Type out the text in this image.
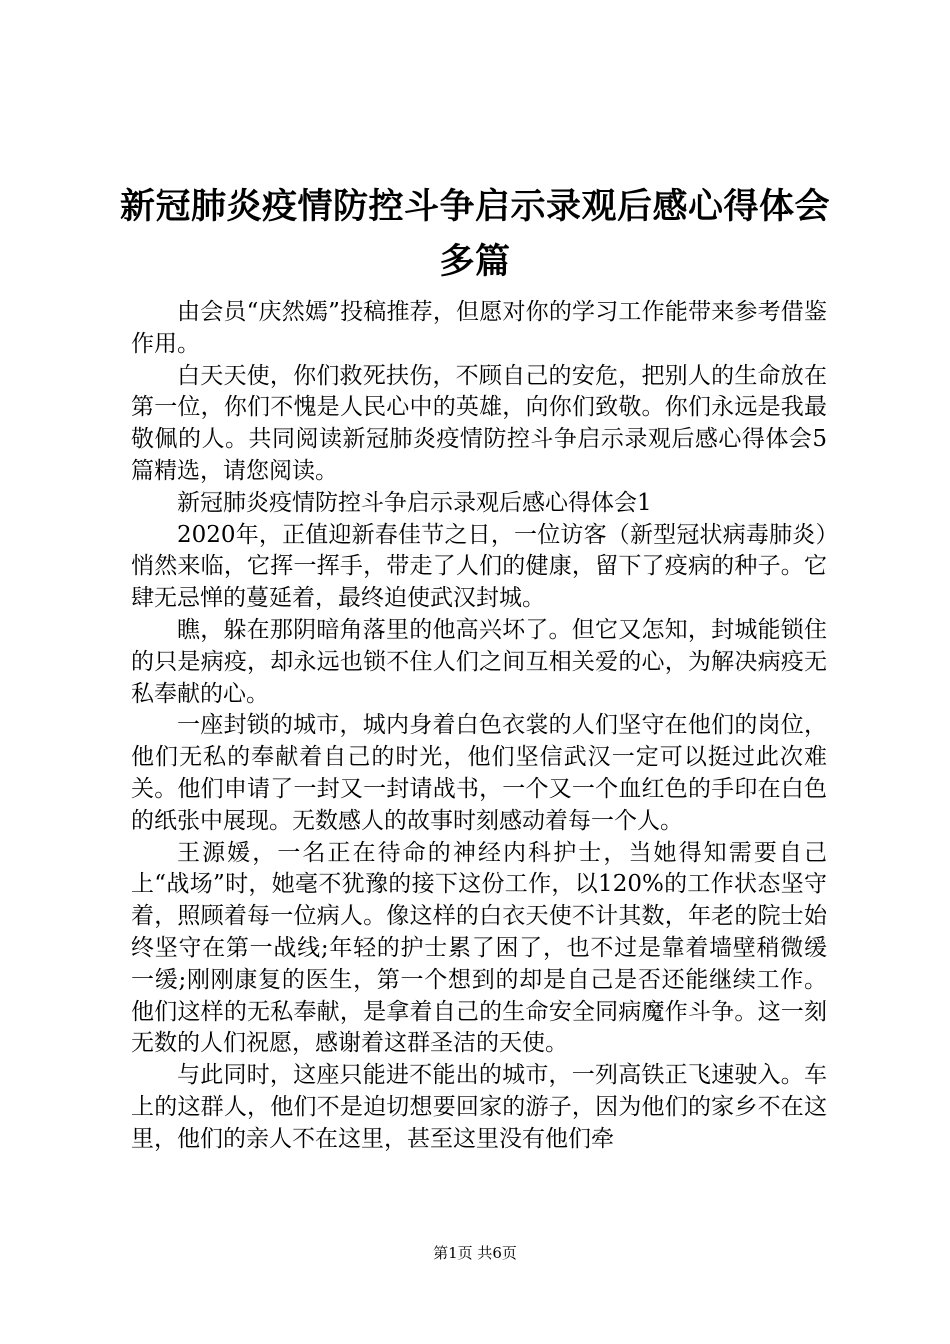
新冠肺炎疫情防控斗争启示录观后感心得体会多篇

由会员“庆然嫣”投稿推荐，但愿对你的学习工作能带来参考借鉴作用。

白天天使，你们救死扶伤，不顾自己的安危，把别人的生命放在第一位，你们不愧是人民心中的英雄，向你们致敬。你们永远是我最敬佩的人。共同阅读新冠肺炎疫情防控斗争启示录观后感心得体会5篇精选，请您阅读。

新冠肺炎疫情防控斗争启示录观后感心得体会1

2020年，正值迎新春佳节之日，一位访客（新型冠状病毒肺炎）悄然来临，它挥一挥手，带走了人们的健康，留下了疫病的种子。它肆无忌惮的蔓延着，最终迫使武汉封城。

瞧，躲在那阴暗角落里的他高兴坏了。但它又怎知，封城能锁住的只是病疫，却永远也锁不住人们之间互相关爱的心，为解决病疫无私奉献的心。

一座封锁的城市，城内身着白色衣裳的人们坚守在他们的岗位，他们无私的奉献着自己的时光，他们坚信武汉一定可以挺过此次难关。他们申请了一封又一封请战书，一个又一个血红色的手印在白色的纸张中展现。无数感人的故事时刻感动着每一个人。

王源媛，一名正在待命的神经内科护士，当她得知需要自己上“战场”时，她毫不犹豫的接下这份工作，以120%的工作状态坚守着，照顾着每一位病人。像这样的白衣天使不计其数，年老的院士始终坚守在第一战线;年轻的护士累了困了，也不过是靠着墙壁稍微缓一缓;刚刚康复的医生，第一个想到的却是自己是否还能继续工作。他们这样的无私奉献，是拿着自己的生命安全同病魔作斗争。这一刻无数的人们祝愿，感谢着这群圣洁的天使。

与此同时，这座只能进不能出的城市，一列高铁正飞速驶入。车上的这群人，他们不是迫切想要回家的游子，因为他们的家乡不在这里，他们的亲人不在这里，甚至这里没有他们牵

第1页 共6页
